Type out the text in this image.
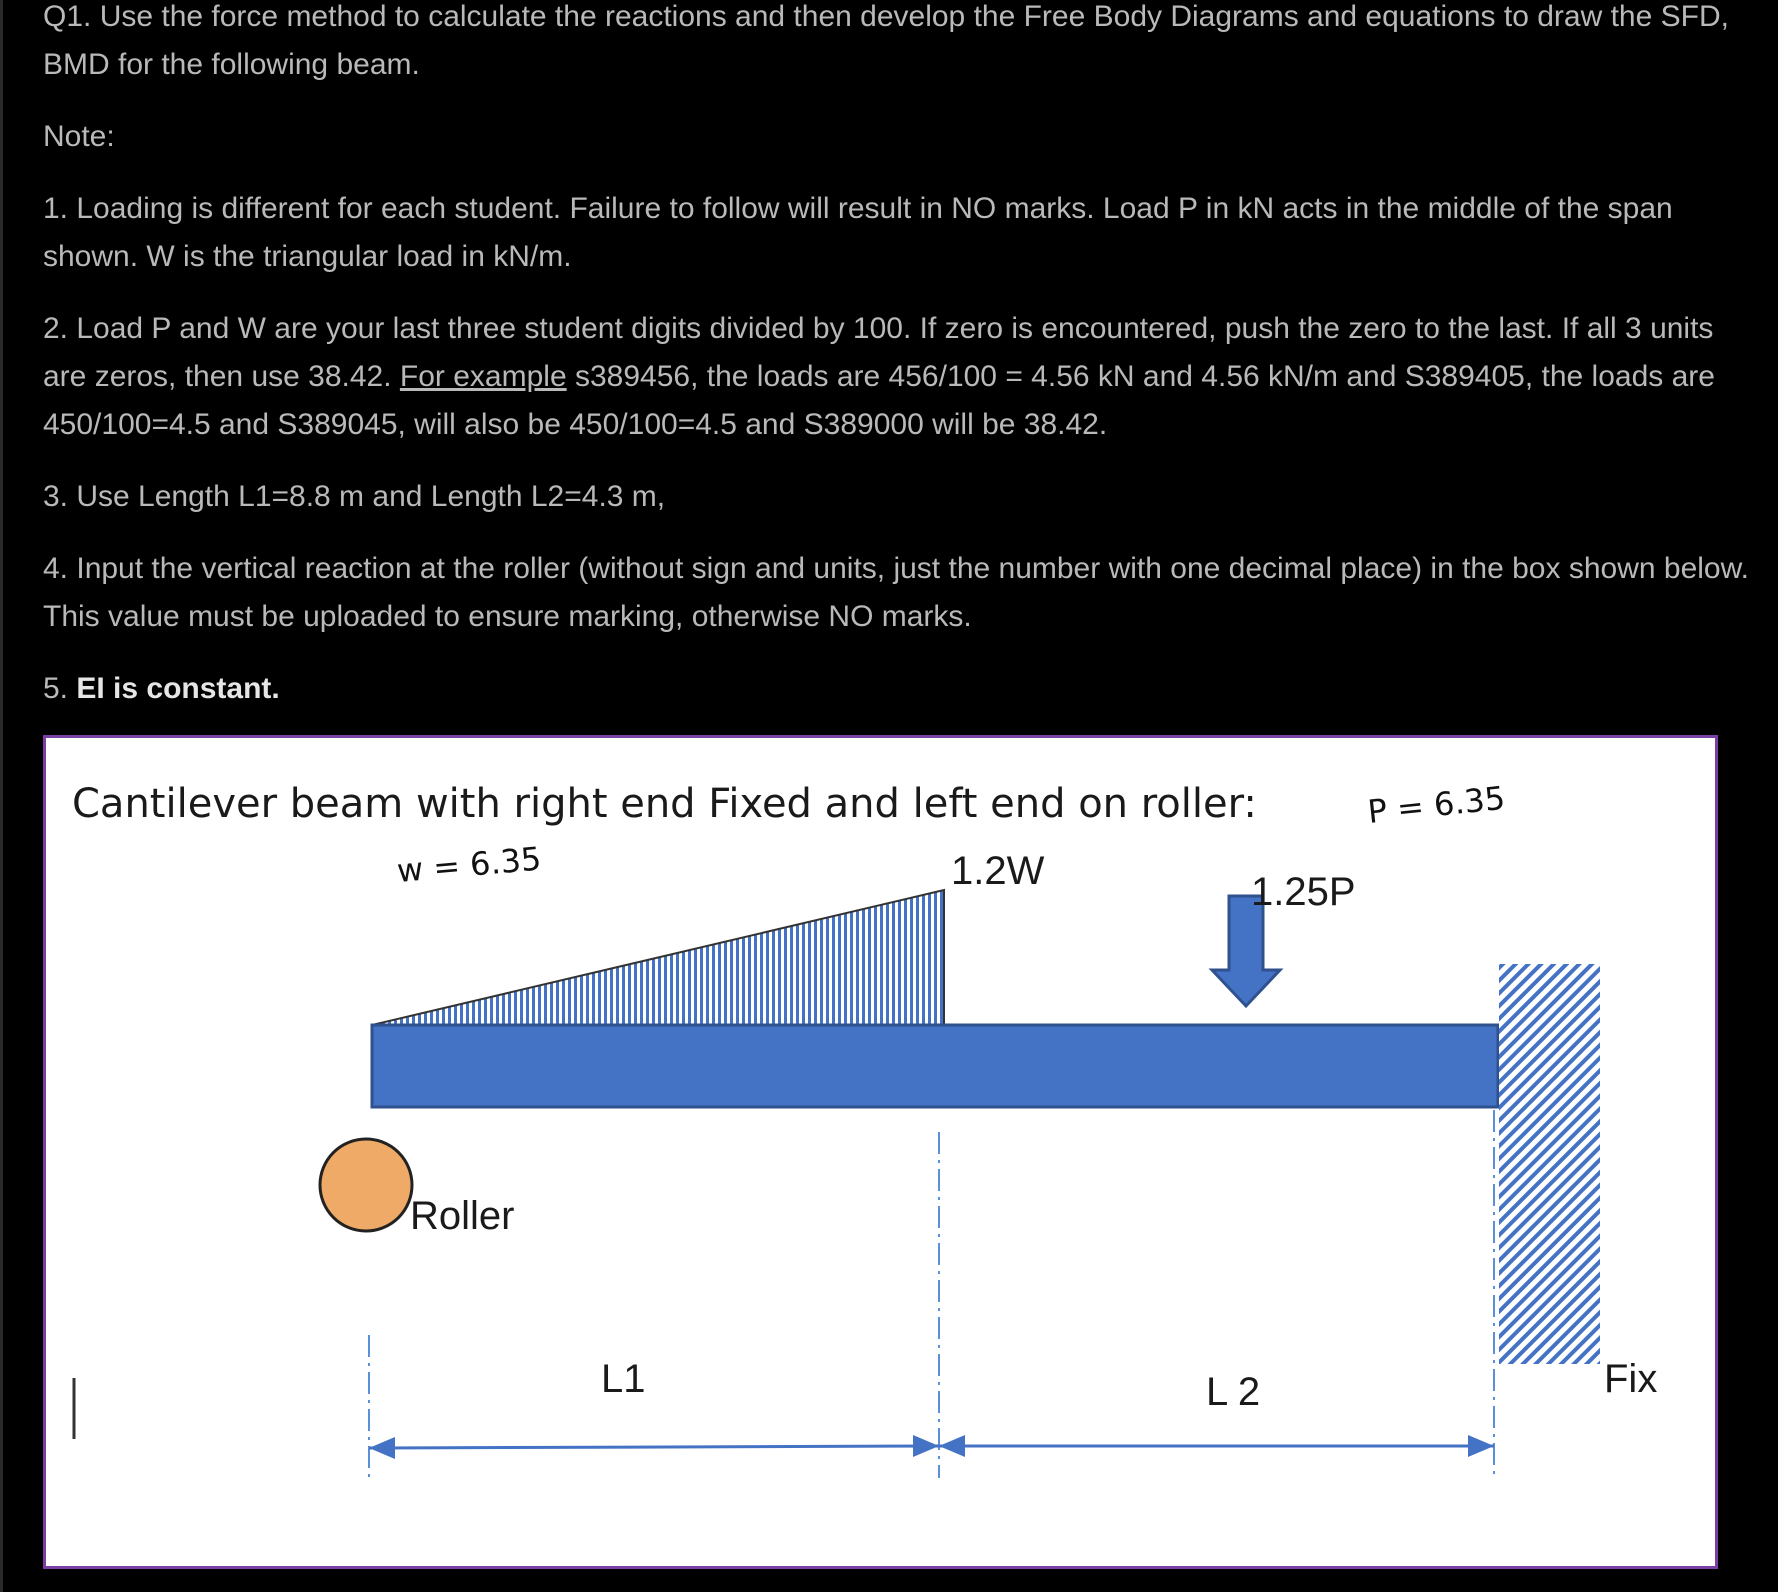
Q1. Use the force method to calculate the reactions and then develop the Free Body Diagrams and equations to draw the SFD, BMD for the following beam.

Note:

1. Loading is different for each student. Failure to follow will result in NO marks. Load P in kN acts in the middle of the span shown. W is the triangular load in kN/m.

2. Load P and W are your last three student digits divided by 100. If zero is encountered, push the zero to the last. If all 3 units are zeros, then use 38.42. For example s389456, the loads are 456/100 = 4.56 kN and 4.56 kN/m and S389405, the loads are 450/100=4.5 and S389045, will also be 450/100=4.5 and S389000 will be 38.42.

3. Use Length L1=8.8 m and Length L2=4.3 m,

4. Input the vertical reaction at the roller (without sign and units, just the number with one decimal place) in the box shown below. This value must be uploaded to ensure marking, otherwise NO marks.

5. EI is constant.

Cantilever beam with right end Fixed and left end on roller:	P = 6.35
w = 6.35	1.2W	1.25P
Roller
L1	L 2	Fix
